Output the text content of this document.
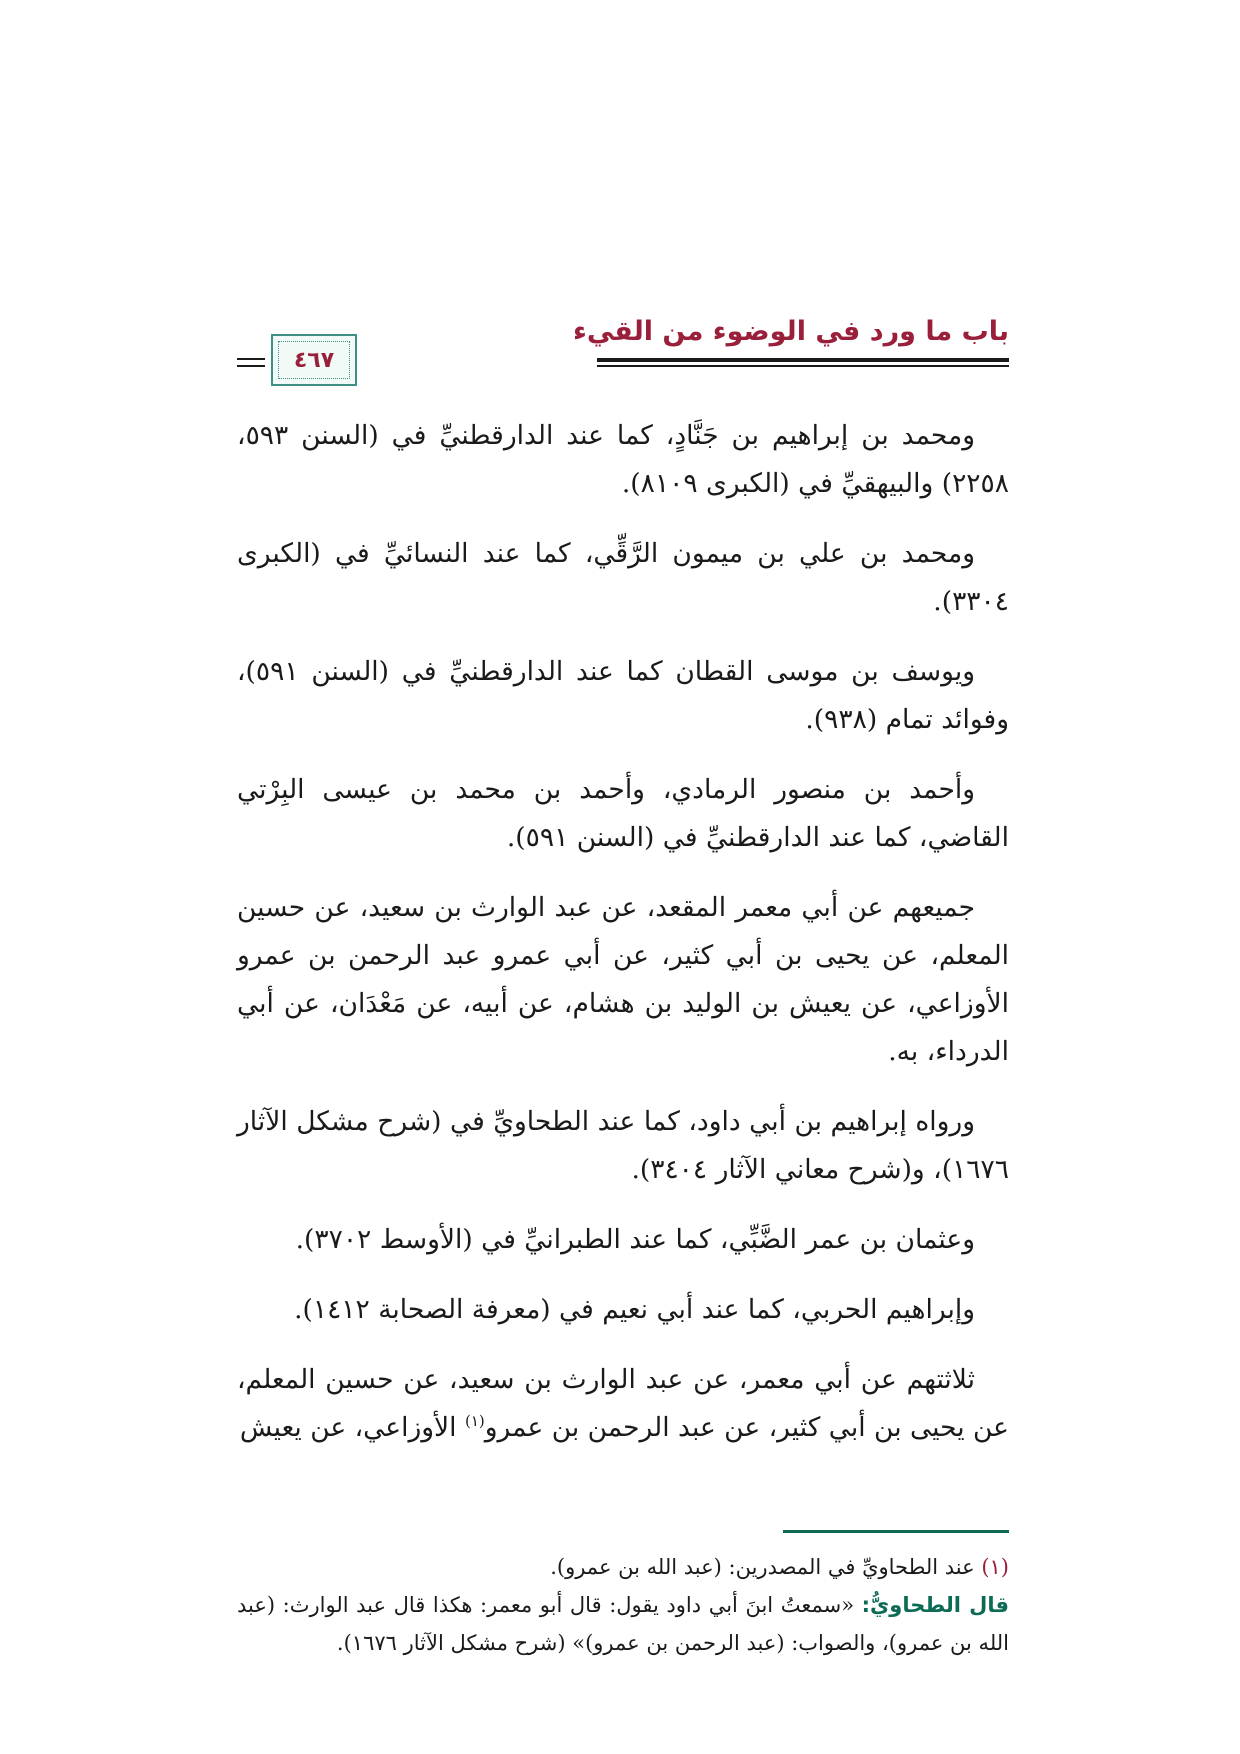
باب ما ورد في الوضوء من القيء
٤٦٧

ومحمد بن إبراهيم بن جَنَّادٍ، كما عند الدارقطنيِّ في (السنن ٥٩٣، ٢٢٥٨) والبيهقيِّ في (الكبرى ٨١٠٩).

ومحمد بن علي بن ميمون الرَّقِّي، كما عند النسائيِّ في (الكبرى ٣٣٠٤).

ويوسف بن موسى القطان كما عند الدارقطنيِّ في (السنن ٥٩١)، وفوائد تمام (٩٣٨).

وأحمد بن منصور الرمادي، وأحمد بن محمد بن عيسى البِرْتي القاضي، كما عند الدارقطنيِّ في (السنن ٥٩١).

جميعهم عن أبي معمر المقعد، عن عبد الوارث بن سعيد، عن حسين المعلم، عن يحيى بن أبي كثير، عن أبي عمرو عبد الرحمن بن عمرو الأوزاعي، عن يعيش بن الوليد بن هشام، عن أبيه، عن مَعْدَان، عن أبي الدرداء، به.

ورواه إبراهيم بن أبي داود، كما عند الطحاويِّ في (شرح مشكل الآثار ١٦٧٦)، و(شرح معاني الآثار ٣٤٠٤).

وعثمان بن عمر الضَّبِّي، كما عند الطبرانيِّ في (الأوسط ٣٧٠٢).

وإبراهيم الحربي، كما عند أبي نعيم في (معرفة الصحابة ١٤١٢).

ثلاثتهم عن أبي معمر، عن عبد الوارث بن سعيد، عن حسين المعلم، عن يحيى بن أبي كثير، عن عبد الرحمن بن عمرو$^{(١)}$ الأوزاعي، عن يعيش

(١) عند الطحاويِّ في المصدرين: (عبد الله بن عمرو).

قال الطحاويُّ: «سمعتُ ابنَ أبي داود يقول: قال أبو معمر: هكذا قال عبد الوارث: (عبد الله بن عمرو)، والصواب: (عبد الرحمن بن عمرو)» (شرح مشكل الآثار ١٦٧٦).
